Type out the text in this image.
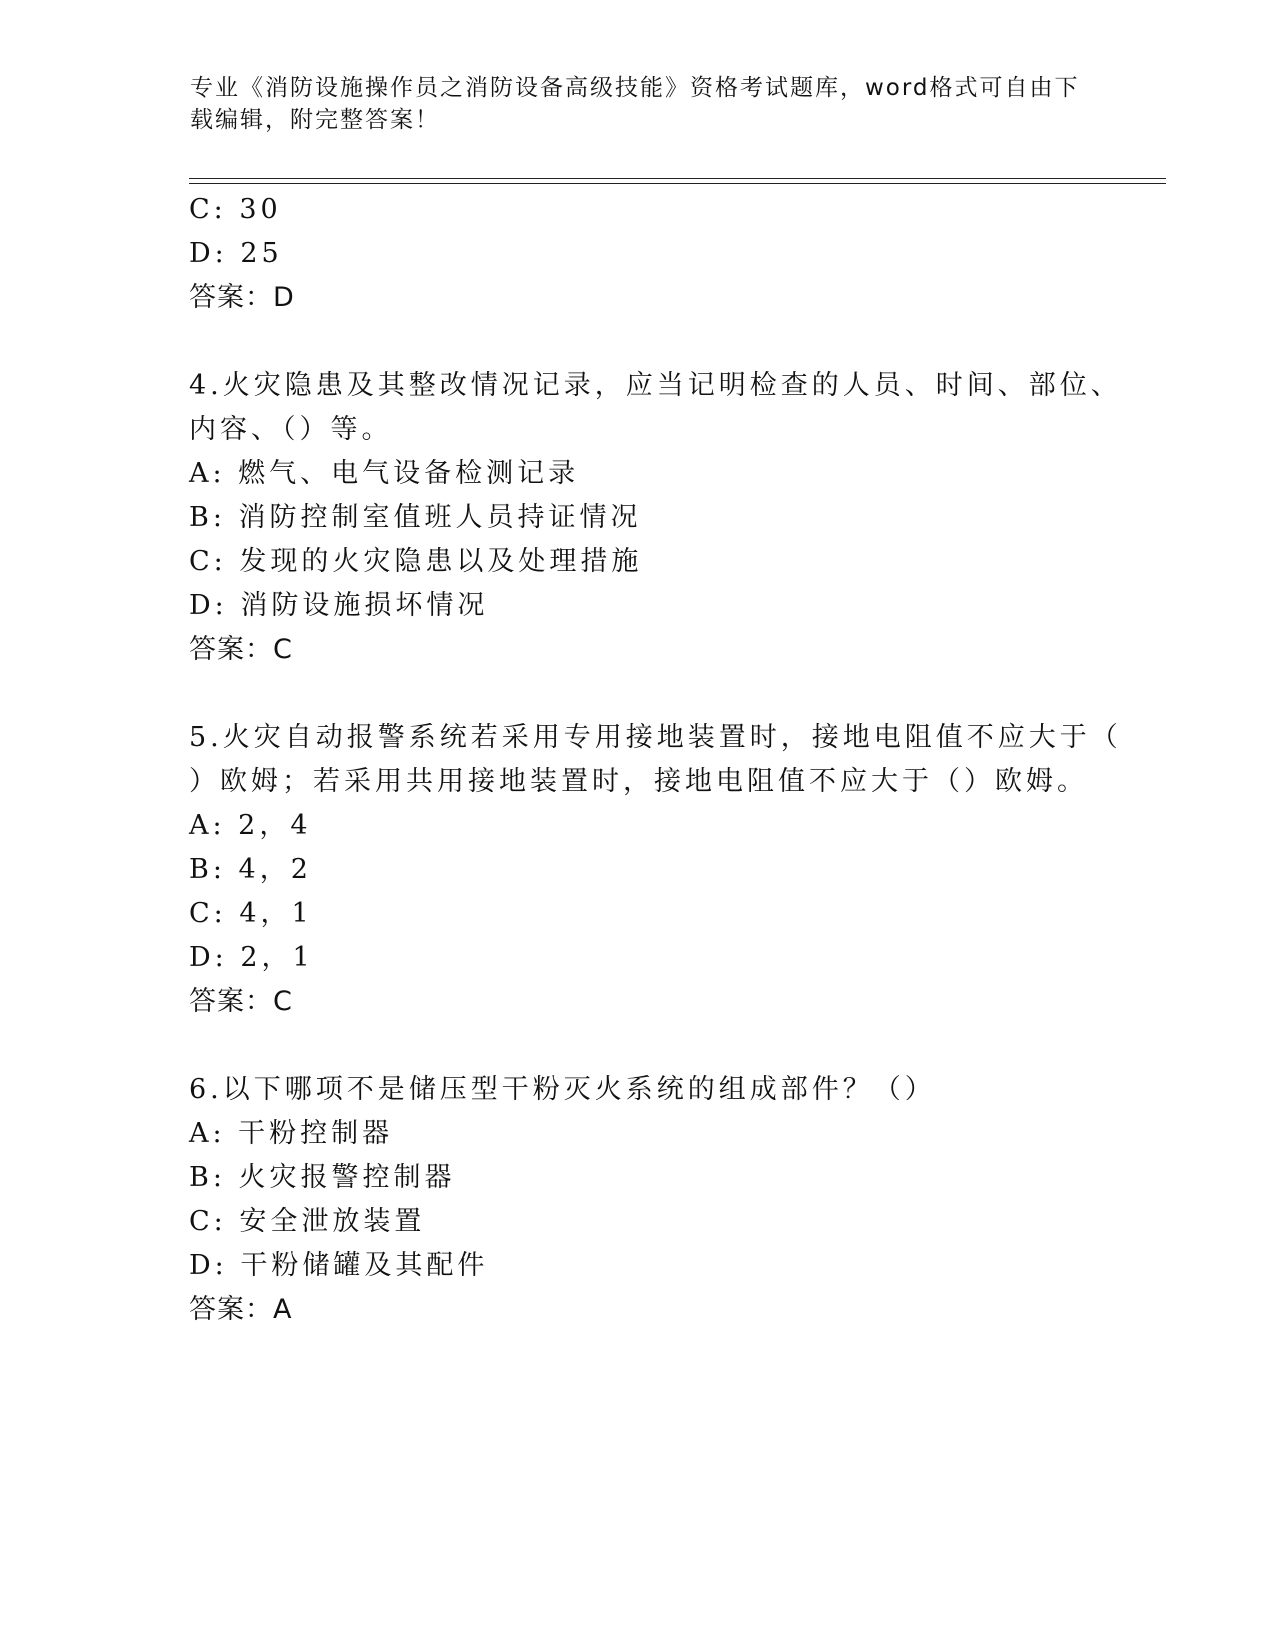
专业《消防设施操作员之消防设备高级技能》资格考试题库，word格式可自由下
载编辑，附完整答案！
C: 30
D: 25
答案：D
4.火灾隐患及其整改情况记录，应当记明检查的人员、时间、部位、
内容、（）等。
A: 燃气、电气设备检测记录
B: 消防控制室值班人员持证情况
C: 发现的火灾隐患以及处理措施
D: 消防设施损坏情况
答案：C
5.火灾自动报警系统若采用专用接地装置时，接地电阻值不应大于（
）欧姆；若采用共用接地装置时，接地电阻值不应大于（）欧姆。
A: 2，4
B: 4，2
C: 4，1
D: 2，1
答案：C
6.以下哪项不是储压型干粉灭火系统的组成部件？（）
A: 干粉控制器
B: 火灾报警控制器
C: 安全泄放装置
D: 干粉储罐及其配件
答案：A
